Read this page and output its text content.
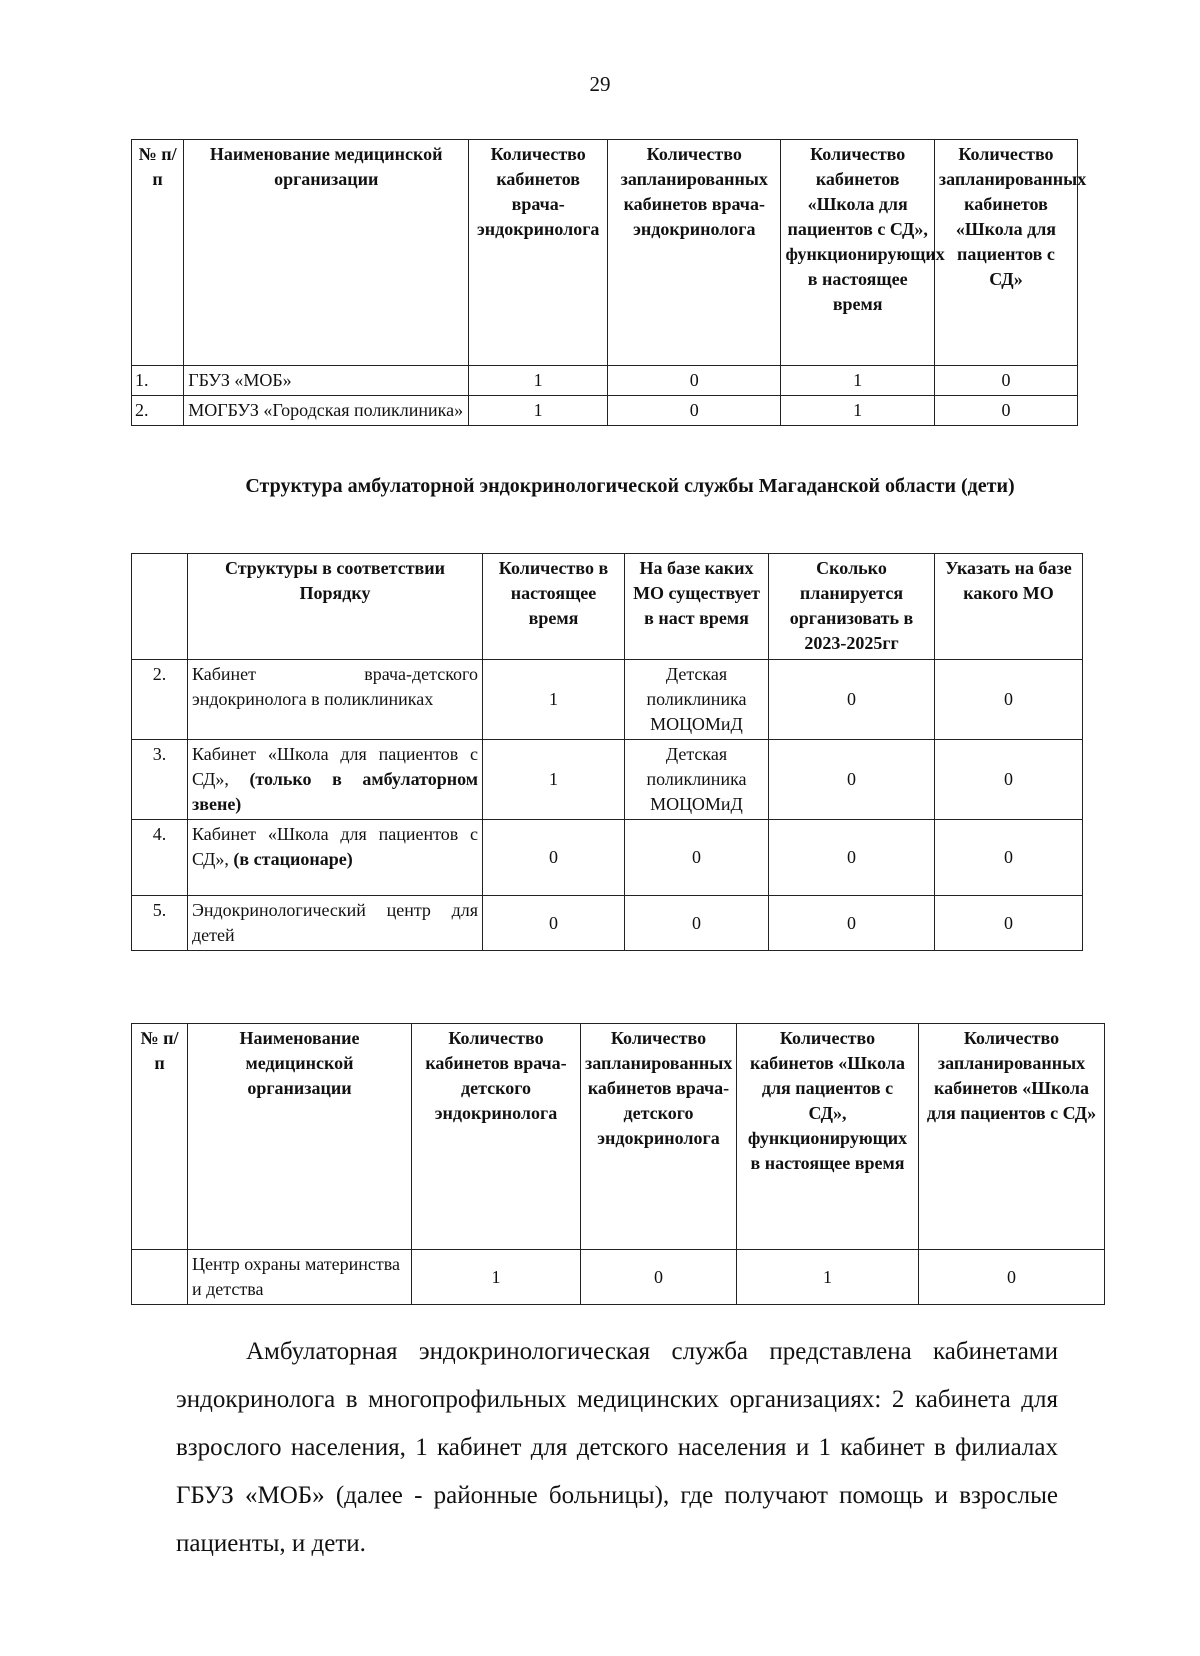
29
№ п/п	Наименование медицинской организации	Количество кабинетов врача-эндокринолога	Количество запланированных кабинетов врача-эндокринолога	Количество кабинетов «Школа для пациентов с СД», функционирующих в настоящее время	Количество запланированных кабинетов «Школа для пациентов с СД»
1.	ГБУЗ «МОБ»	1	0	1	0
2.	МОГБУЗ «Городская поликлиника»	1	0	1	0
Структура амбулаторной эндокринологической службы Магаданской области (дети)
	Структуры в соответствии Порядку	Количество в настоящее время	На базе каких МО существует в наст время	Сколько планируется организовать в 2023-2025гг	Указать на базе какого МО
2.	Кабинет врача-детского эндокринолога в поликлиниках	1	Детская поликлиника МОЦОМиД	0	0
3.	Кабинет «Школа для пациентов с СД», (только в амбулаторном звене)	1	Детская поликлиника МОЦОМиД	0	0
4.	Кабинет «Школа для пациентов с СД», (в стационаре)	0	0	0	0
5.	Эндокринологический центр для детей	0	0	0	0
№ п/п	Наименование медицинской организации	Количество кабинетов врача-детского эндокринолога	Количество запланированных кабинетов врача-детского эндокринолога	Количество кабинетов «Школа для пациентов с СД», функционирующих в настоящее время	Количество запланированных кабинетов «Школа для пациентов с СД»
	Центр охраны материнства и детства	1	0	1	0
Амбулаторная эндокринологическая служба представлена кабинетами эндокринолога в многопрофильных медицинских организациях: 2 кабинета для взрослого населения, 1 кабинет для детского населения и 1 кабинет в филиалах ГБУЗ «МОБ» (далее - районные больницы), где получают помощь и взрослые пациенты, и дети.
